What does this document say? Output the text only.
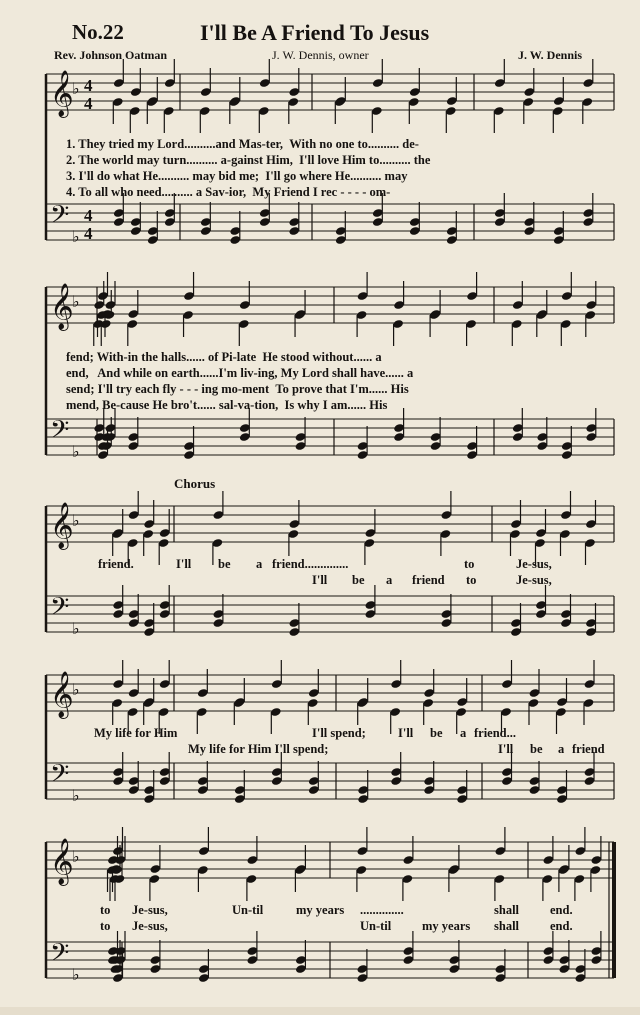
No.22	I'll Be A Friend To Jesus
Rev. Johnson Oatman	J. W. Dennis, owner	J. W. Dennis
𝄞
♭ 4
4
𝄢
♭
4
4
1. They tried my Lord..........and Mas-ter, With no one to.......... de-
2. The world may turn.......... a-gainst Him, I'll love Him to.......... the
3. I'll do what He.......... may bid me; I'll go where He.......... may
4. To all who need.......... a Sav-ior, My Friend I rec - - - - om-
𝄞
♭
𝄢
♭
fend; With-in the halls...... of Pi-late He stood without...... a
end, And while on earth......I'm liv-ing, My Lord shall have...... a
send; I'll try each fly - - - ing mo-ment To prove that I'm...... His
mend, Be-cause He bro't...... sal-va-tion, Is why I am...... His
Chorus
𝄞
♭
𝄢
♭
friend.	I'll be a friend..............	to	Je-sus,
I'll be a friend to	Je-sus,
𝄞
♭
𝄢
♭
My life for Him	I'll spend;	I'll be a friend...
My life for Him I'll spend;	I'll be a friend
𝄞
♭
𝄢
♭
to Je-sus,	Un-til	my years ..............	shall end.
to Je-sus,	Un-til my years shall end.
